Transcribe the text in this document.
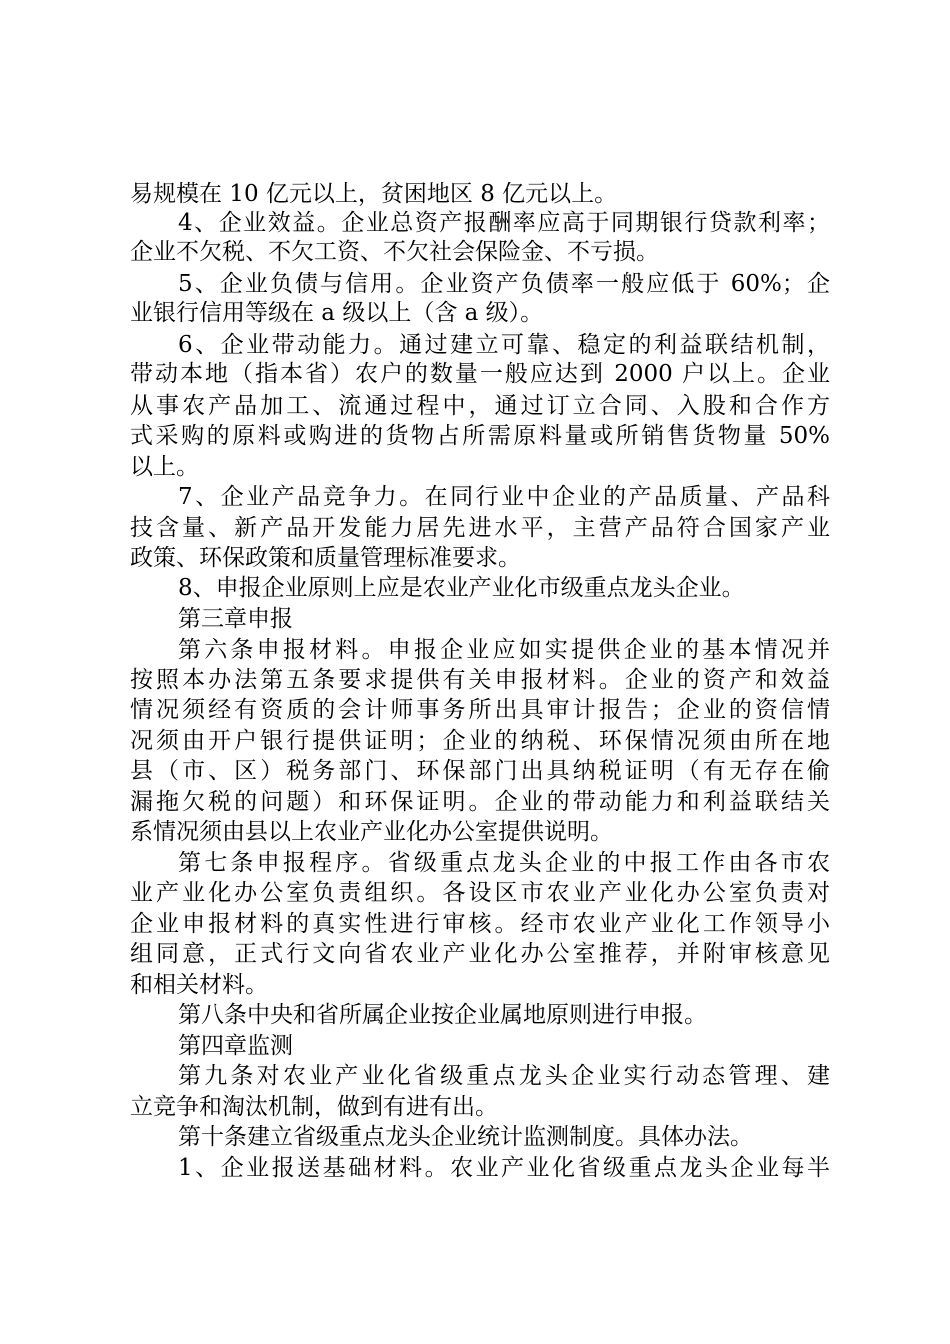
易规模在 10 亿元以上，贫困地区 8 亿元以上。
4、企业效益。企业总资产报酬率应高于同期银行贷款利率；
企业不欠税、不欠工资、不欠社会保险金、不亏损。
5、企业负债与信用。企业资产负债率一般应低于 60%；企
业银行信用等级在 a 级以上（含 a 级）。
6、企业带动能力。通过建立可靠、稳定的利益联结机制，
带动本地（指本省）农户的数量一般应达到 2000 户以上。企业
从事农产品加工、流通过程中，通过订立合同、入股和合作方
式采购的原料或购进的货物占所需原料量或所销售货物量 50%
以上。
7、企业产品竞争力。在同行业中企业的产品质量、产品科
技含量、新产品开发能力居先进水平，主营产品符合国家产业
政策、环保政策和质量管理标准要求。
8、申报企业原则上应是农业产业化市级重点龙头企业。
第三章申报
第六条申报材料。申报企业应如实提供企业的基本情况并
按照本办法第五条要求提供有关申报材料。企业的资产和效益
情况须经有资质的会计师事务所出具审计报告；企业的资信情
况须由开户银行提供证明；企业的纳税、环保情况须由所在地
县（市、区）税务部门、环保部门出具纳税证明（有无存在偷
漏拖欠税的问题）和环保证明。企业的带动能力和利益联结关
系情况须由县以上农业产业化办公室提供说明。
第七条申报程序。省级重点龙头企业的中报工作由各市农
业产业化办公室负责组织。各设区市农业产业化办公室负责对
企业申报材料的真实性进行审核。经市农业产业化工作领导小
组同意，正式行文向省农业产业化办公室推荐，并附审核意见
和相关材料。
第八条中央和省所属企业按企业属地原则进行申报。
第四章监测
第九条对农业产业化省级重点龙头企业实行动态管理、建
立竞争和淘汰机制，做到有进有出。
第十条建立省级重点龙头企业统计监测制度。具体办法。
1、企业报送基础材料。农业产业化省级重点龙头企业每半
